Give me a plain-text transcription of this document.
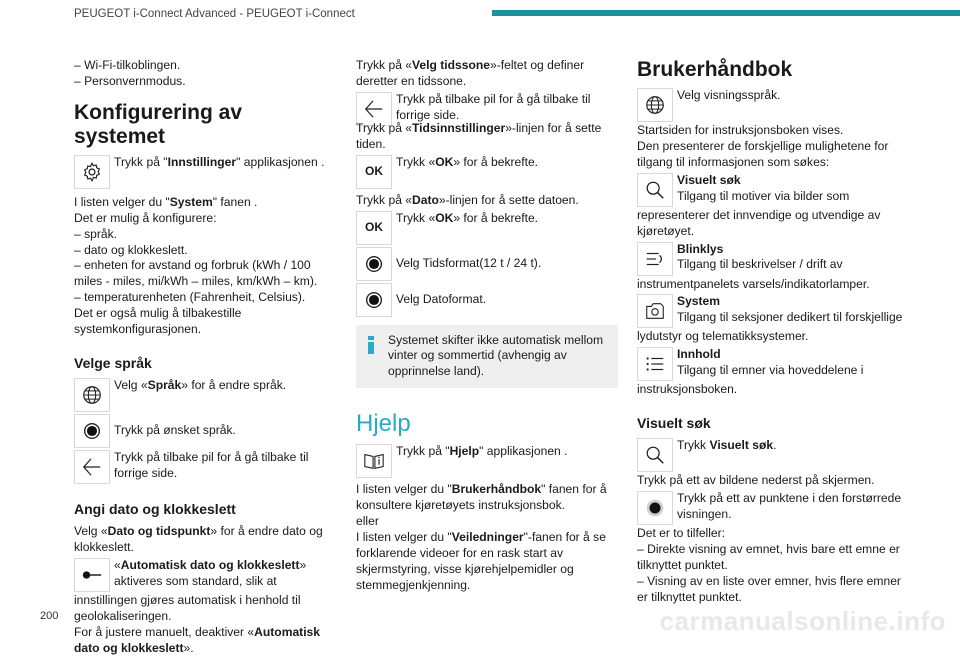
PEUGEOT i-Connect Advanced - PEUGEOT i-Connect

– Wi-Fi-tilkoblingen.

– Personvernmodus.

Konfigurering av systemet
Trykk på "Innstillinger" applikasjonen .

I listen velger du "System" fanen .

Det er mulig å konfigurere:

– språk.

– dato og klokkeslett.

– enheten for avstand og forbruk (kWh / 100 miles - miles, mi/kWh – miles, km/kWh – km).

– temperaturenheten (Fahrenheit, Celsius).

Det er også mulig å tilbakestille systemkonfigurasjonen.

Velge språk
Velg «Språk» for å endre språk.
Trykk på ønsket språk.
Trykk på tilbake pil for å gå tilbake til forrige side.
Angi dato og klokkeslett

Velg «Dato og tidspunkt» for å endre dato og klokkeslett.

«Automatisk dato og klokkeslett»
aktiveres som standard, slik at

innstillingen gjøres automatisk i henhold til geolokaliseringen.

For å justere manuelt, deaktiver «Automatisk dato og klokkeslett».

Trykk på «Velg tidssone»-feltet og definer deretter en tidssone.

Trykk på tilbake pil for å gå tilbake til forrige side.

Trykk på «Tidsinnstillinger»-linjen for å sette tiden.

OK
Trykk «OK» for å bekrefte.

Trykk på «Dato»-linjen for å sette datoen.

OK
Trykk «OK» for å bekrefte.
Velg Tidsformat(12 t / 24 t).
Velg Datoformat.
Systemet skifter ikke automatisk mellom vinter og sommertid (avhengig av opprinnelse land).
Hjelp
Trykk på "Hjelp" applikasjonen .

I listen velger du "Brukerhåndbok" fanen for å konsultere kjøretøyets instruksjonsbok.

eller

I listen velger du "Veiledninger"-fanen for å se forklarende videoer for en rask start av skjermstyring, visse kjørehjelpemidler og stemmegjenkjenning.

Brukerhåndbok
Velg visningsspråk.

Startsiden for instruksjonsboken vises.

Den presenterer de forskjellige mulighetene for tilgang til informasjonen som søkes:

Visuelt søk
Tilgang til motiver via bilder som

representerer det innvendige og utvendige av kjøretøyet.

Blinklys
Tilgang til beskrivelser / drift av

instrumentpanelets varsels/indikatorlamper.

System
Tilgang til seksjoner dedikert til forskjellige

lydutstyr og telematikksystemer.

Innhold
Tilgang til emner via hoveddelene i

instruksjonsboken.

Visuelt søk
Trykk Visuelt søk.

Trykk på ett av bildene nederst på skjermen.

Trykk på ett av punktene i den forstørrede
visningen.

Det er to tilfeller:

– Direkte visning av emnet, hvis bare ett emne er tilknyttet punktet.

– Visning av en liste over emner, hvis flere emner er tilknyttet punktet.

200	carmanualsonline.info
